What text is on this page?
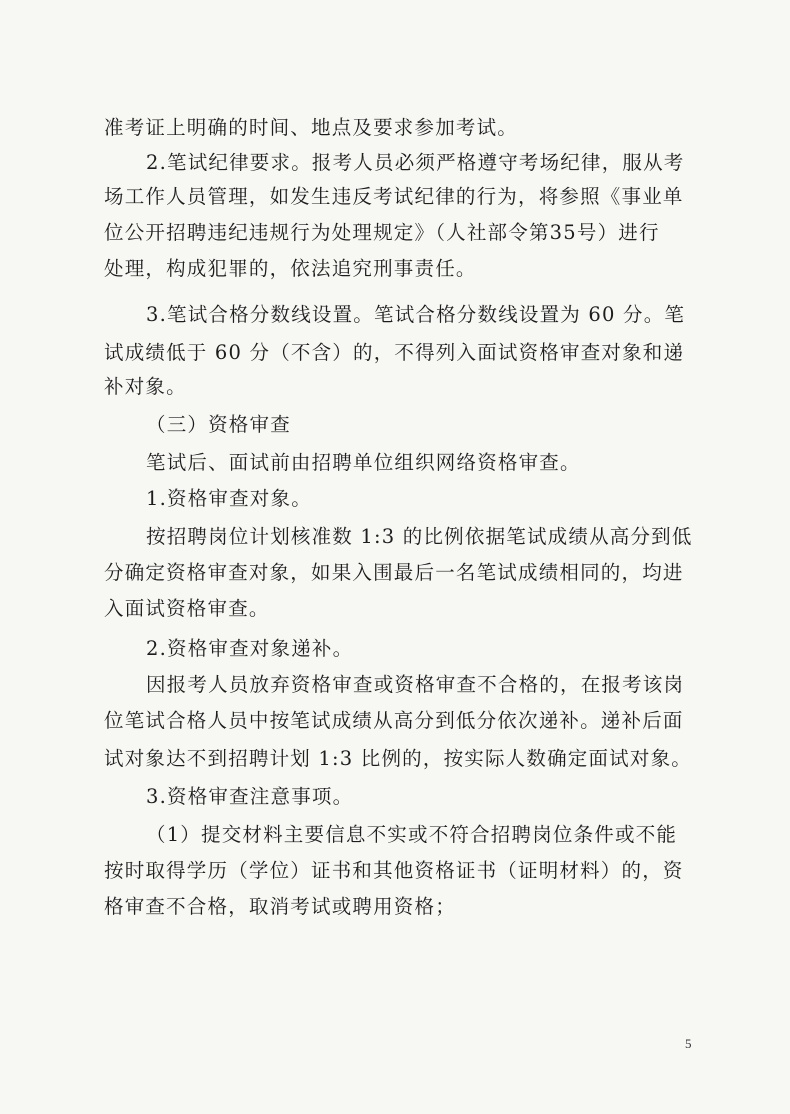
准考证上明确的时间、地点及要求参加考试。
2.笔试纪律要求。报考人员必须严格遵守考场纪律，服从考
场工作人员管理，如发生违反考试纪律的行为，将参照《事业单
位公开招聘违纪违规行为处理规定》（人社部令第35号）进行
处理，构成犯罪的，依法追究刑事责任。
3.笔试合格分数线设置。笔试合格分数线设置为 60 分。笔
试成绩低于 60 分（不含）的，不得列入面试资格审查对象和递
补对象。
（三）资格审查
笔试后、面试前由招聘单位组织网络资格审查。
1.资格审查对象。
按招聘岗位计划核准数 1:3 的比例依据笔试成绩从高分到低
分确定资格审查对象，如果入围最后一名笔试成绩相同的，均进
入面试资格审查。
2.资格审查对象递补。
因报考人员放弃资格审查或资格审查不合格的，在报考该岗
位笔试合格人员中按笔试成绩从高分到低分依次递补。递补后面
试对象达不到招聘计划 1:3 比例的，按实际人数确定面试对象。
3.资格审查注意事项。
（1）提交材料主要信息不实或不符合招聘岗位条件或不能
按时取得学历（学位）证书和其他资格证书（证明材料）的，资
格审查不合格，取消考试或聘用资格；
5
